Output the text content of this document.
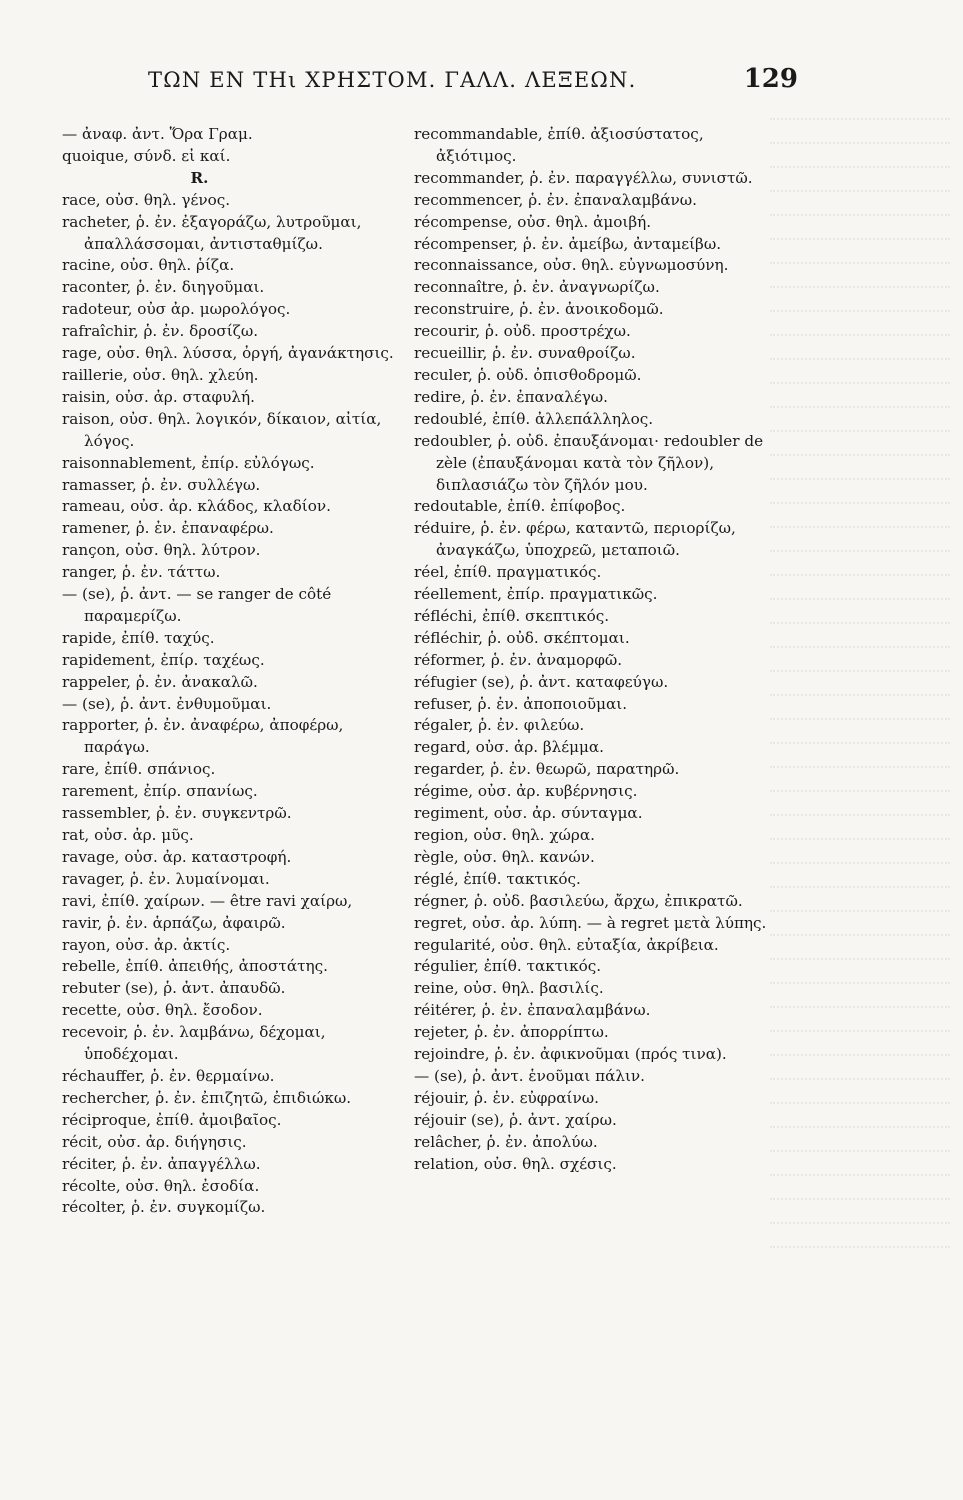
ΤΩΝ ΕΝ ΤΗι ΧΡΗΣΤΟΜ. ΓΑΛΛ. ΛΕΞΕΩΝ.	129
— ἀναφ. ἀντ. Ὅρα Γραμ.
quoique, σύνδ. εἰ καί.
R.
race, οὐσ. θηλ. γένος.
racheter, ῥ. ἐν. ἐξαγοράζω, λυτροῦμαι, ἀπαλλάσσομαι, ἀντισταθμίζω.
racine, οὐσ. θηλ. ῥίζα.
raconter, ῥ. ἐν. διηγοῦμαι.
radoteur, οὐσ ἀρ. μωρολόγος.
rafraîchir, ῥ. ἐν. δροσίζω.
rage, οὐσ. θηλ. λύσσα, ὀργή, ἀγανάκτησις.
raillerie, οὐσ. θηλ. χλεύη.
raisin, οὐσ. ἀρ. σταφυλή.
raison, οὐσ. θηλ. λογικόν, δίκαιον, αἰτία, λόγος.
raisonnablement, ἐπίρ. εὐλόγως.
ramasser, ῥ. ἐν. συλλέγω.
rameau, οὐσ. ἀρ. κλάδος, κλαδίον.
ramener, ῥ. ἐν. ἐπαναφέρω.
rançon, οὐσ. θηλ. λύτρον.
ranger, ῥ. ἐν. τάττω.
— (se), ῥ. ἀντ. — se ranger de côté παραμερίζω.
rapide, ἐπίθ. ταχύς.
rapidement, ἐπίρ. ταχέως.
rappeler, ῥ. ἐν. ἀνακαλῶ.
— (se), ῥ. ἀντ. ἐνθυμοῦμαι.
rapporter, ῥ. ἐν. ἀναφέρω, ἀποφέρω, παράγω.
rare, ἐπίθ. σπάνιος.
rarement, ἐπίρ. σπανίως.
rassembler, ῥ. ἐν. συγκεντρῶ.
rat, οὐσ. ἀρ. μῦς.
ravage, οὐσ. ἀρ. καταστροφή.
ravager, ῥ. ἐν. λυμαίνομαι.
ravi, ἐπίθ. χαίρων. — être ravi χαίρω,
ravir, ῥ. ἐν. ἁρπάζω, ἀφαιρῶ.
rayon, οὐσ. ἀρ. ἀκτίς.
rebelle, ἐπίθ. ἀπειθής, ἀποστάτης.
rebuter (se), ῥ. ἀντ. ἀπαυδῶ.
recette, οὐσ. θηλ. ἔσοδον.
recevoir, ῥ. ἐν. λαμβάνω, δέχομαι, ὑποδέχομαι.
réchauffer, ῥ. ἐν. θερμαίνω.
rechercher, ῥ. ἐν. ἐπιζητῶ, ἐπιδιώκω.
réciproque, ἐπίθ. ἀμοιβαῖος.
récit, οὐσ. ἀρ. διήγησις.
réciter, ῥ. ἐν. ἀπαγγέλλω.
récolte, οὐσ. θηλ. ἐσοδία.
récolter, ῥ. ἐν. συγκομίζω.
recommandable, ἐπίθ. ἀξιοσύστατος, ἀξιότιμος.
recommander, ῥ. ἐν. παραγγέλλω, συνιστῶ.
recommencer, ῥ. ἐν. ἐπαναλαμβάνω.
récompense, οὐσ. θηλ. ἀμοιβή.
récompenser, ῥ. ἐν. ἀμείβω, ἀνταμείβω.
reconnaissance, οὐσ. θηλ. εὐγνωμοσύνη.
reconnaître, ῥ. ἐν. ἀναγνωρίζω.
reconstruire, ῥ. ἐν. ἀνοικοδομῶ.
recourir, ῥ. οὐδ. προστρέχω.
recueillir, ῥ. ἐν. συναθροίζω.
reculer, ῥ. οὐδ. ὀπισθοδρομῶ.
redire, ῥ. ἐν. ἐπαναλέγω.
redoublé, ἐπίθ. ἀλλεπάλληλος.
redoubler, ῥ. οὐδ. ἐπαυξάνομαι· redoubler de zèle (ἐπαυξάνομαι κατὰ τὸν ζῆλον), διπλασιάζω τὸν ζῆλόν μου.
redoutable, ἐπίθ. ἐπίφοβος.
réduire, ῥ. ἐν. φέρω, καταντῶ, περιορίζω, ἀναγκάζω, ὑποχρεῶ, μεταποιῶ.
réel, ἐπίθ. πραγματικός.
réellement, ἐπίρ. πραγματικῶς.
réfléchi, ἐπίθ. σκεπτικός.
réfléchir, ῥ. οὐδ. σκέπτομαι.
réformer, ῥ. ἐν. ἀναμορφῶ.
réfugier (se), ῥ. ἀντ. καταφεύγω.
refuser, ῥ. ἐν. ἀποποιοῦμαι.
régaler, ῥ. ἐν. φιλεύω.
regard, οὐσ. ἀρ. βλέμμα.
regarder, ῥ. ἐν. θεωρῶ, παρατηρῶ.
régime, οὐσ. ἀρ. κυβέρνησις.
regiment, οὐσ. ἀρ. σύνταγμα.
region, οὐσ. θηλ. χώρα.
règle, οὐσ. θηλ. κανών.
réglé, ἐπίθ. τακτικός.
régner, ῥ. οὐδ. βασιλεύω, ἄρχω, ἐπικρατῶ.
regret, οὐσ. ἀρ. λύπη. — à regret μετὰ λύπης.
regularité, οὐσ. θηλ. εὐταξία, ἀκρίβεια.
régulier, ἐπίθ. τακτικός.
reine, οὐσ. θηλ. βασιλίς.
réitérer, ῥ. ἐν. ἐπαναλαμβάνω.
rejeter, ῥ. ἐν. ἀπορρίπτω.
rejoindre, ῥ. ἐν. ἀφικνοῦμαι (πρός τινα).
— (se), ῥ. ἀντ. ἑνοῦμαι πάλιν.
réjouir, ῥ. ἐν. εὐφραίνω.
réjouir (se), ῥ. ἀντ. χαίρω.
relâcher, ῥ. ἐν. ἀπολύω.
relation, οὐσ. θηλ. σχέσις.
